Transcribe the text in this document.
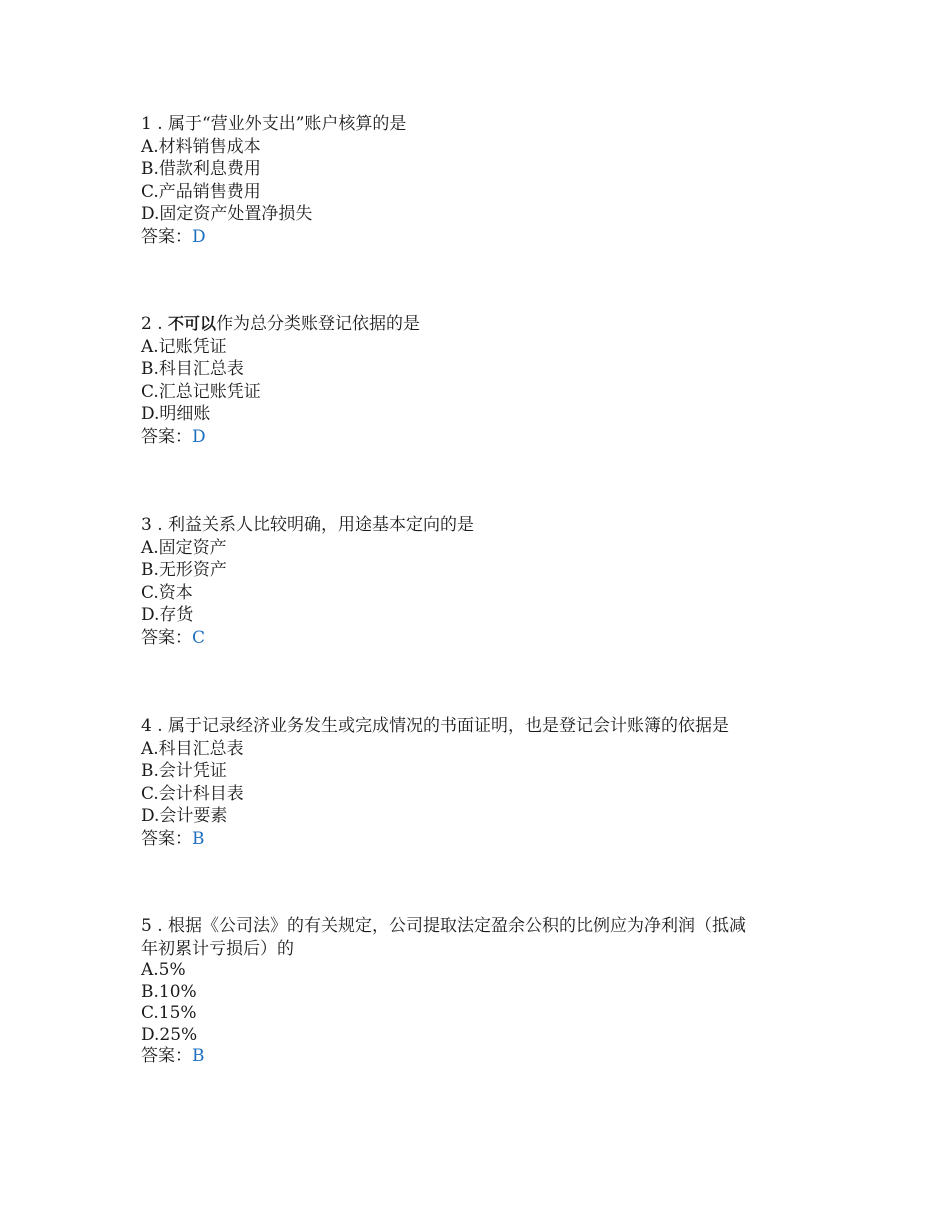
1 . 属于“营业外支出”账户核算的是
A.材料销售成本
B.借款利息费用
C.产品销售费用
D.固定资产处置净损失
答案：D
2 . 不可以作为总分类账登记依据的是
A.记账凭证
B.科目汇总表
C.汇总记账凭证
D.明细账
答案：D
3 . 利益关系人比较明确，用途基本定向的是
A.固定资产
B.无形资产
C.资本
D.存货
答案：C
4 . 属于记录经济业务发生或完成情况的书面证明，也是登记会计账簿的依据是
A.科目汇总表
B.会计凭证
C.会计科目表
D.会计要素
答案：B
5 . 根据《公司法》的有关规定，公司提取法定盈余公积的比例应为净利润（抵减
年初累计亏损后）的
A.5%
B.10%
C.15%
D.25%
答案：B
